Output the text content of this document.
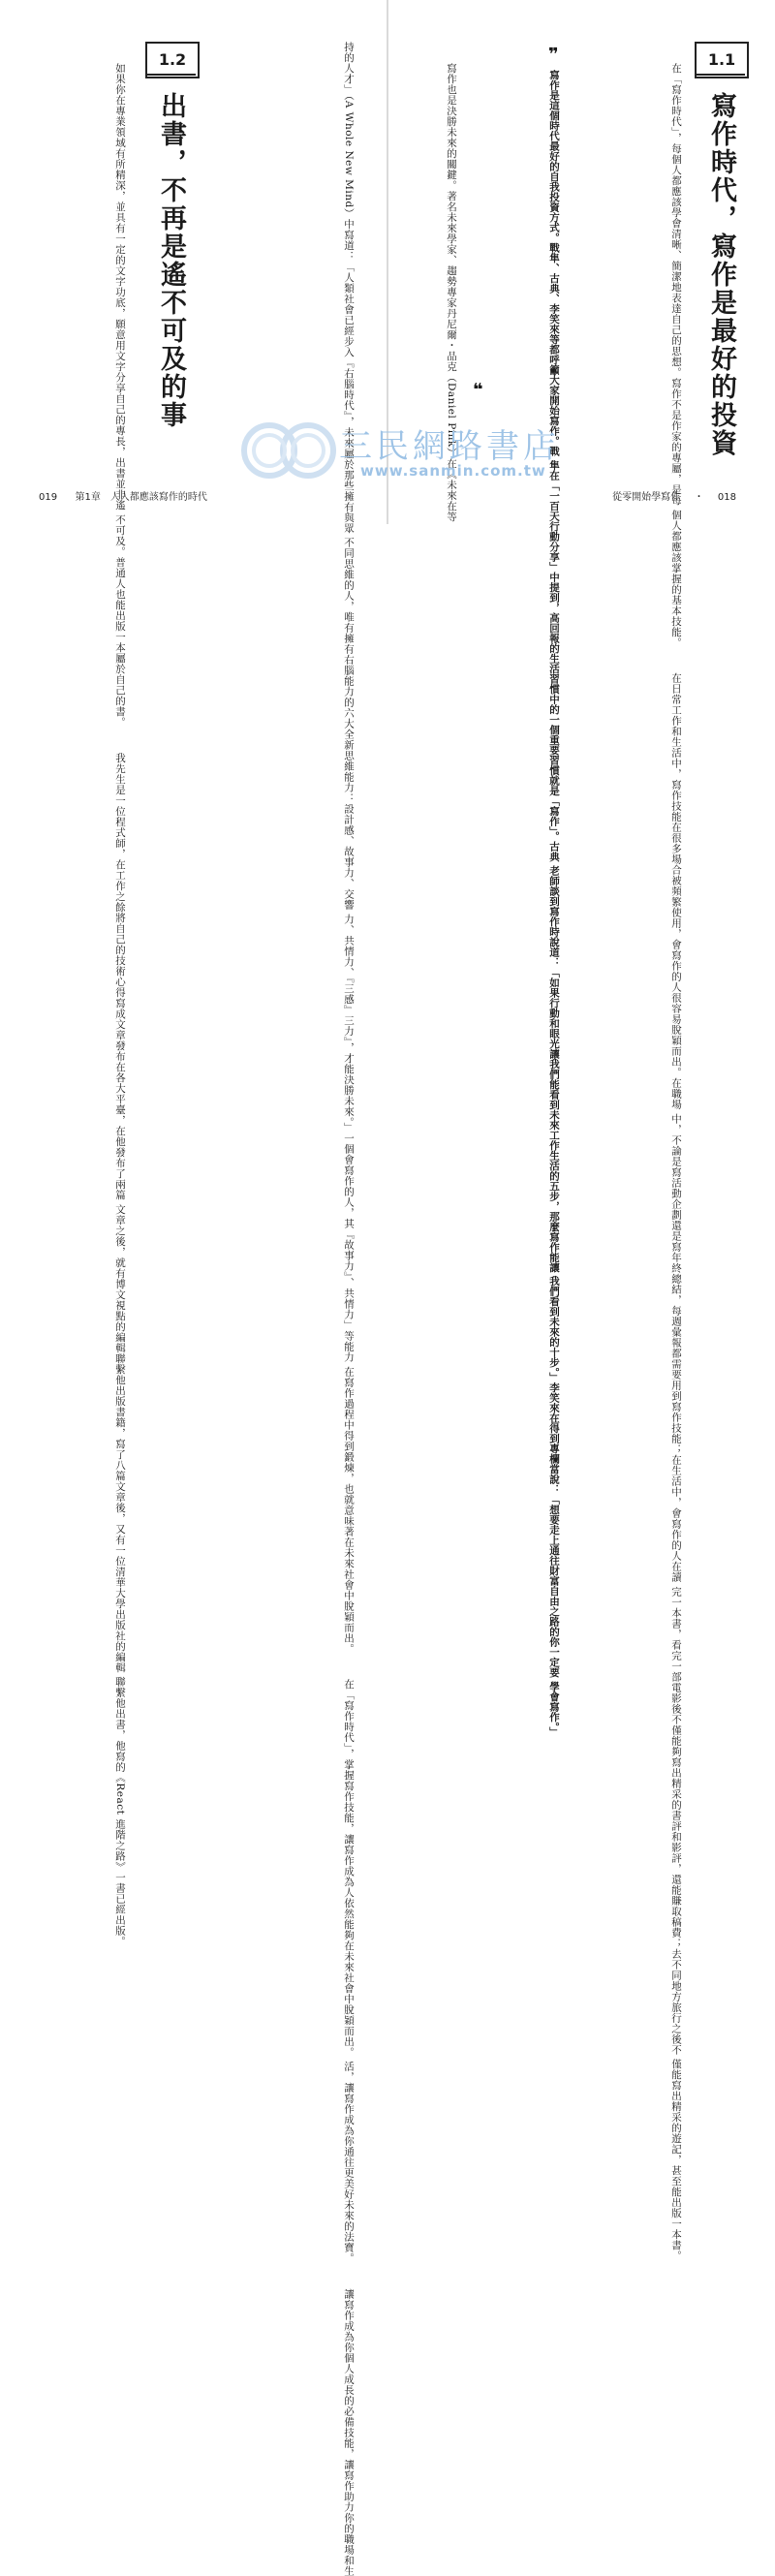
1.2
出書，不再是遙不可及的事	持的人才」（A Whole New Mind）中寫道：「人類社會已經步入『右腦時代』，未來屬於那些擁有與眾 不同思維的人，唯有擁有右腦能力的六大全新思維能力：設計感、故事力、交響 力、共情力、『三感』三力』，才能決勝未來。」一個會寫作的人，其『故事力』、共情力」等能力 在寫作過程中得到鍛煉，也就意味著在未來社會中脫穎而出。 　　在「寫作時代」，掌握寫作技能，讓寫作成為人依然能夠在未來社會中脫穎而出。 活，讓寫作成為你通往更美好未來的法寶。 　　讓寫作成為你個人成長的必備技能，讓寫作助力你的職場和生
　　如果你在專業領域有所精深，並具有一定的文字功底，願意用文字分享自己的專長，出書並非遙 不可及。普通人也能出版一本屬於自己的書。 　　我先生是一位程式師，在工作之餘將自己的技術心得寫成文章發布在各大平臺，在他發布了兩篇 文章之後，就有博文視點的編輯聯繫他出版書籍，寫了八篇文章後，又有一位清華大學出版社的編輯 聯繫他出書，他寫的《React 進階之路》一書已經出版。
019 第1章　人人都應該寫作的時代
1.1
寫作時代，寫作是最好的投資
　　在「寫作時代」，每個人都應該學會清晰、簡潔地表達自己的思想。寫作不是作家的專屬，是每 個人都應該掌握的基本技能。 　　在日常工作和生活中，寫作技能在很多場合被頻繁使用，會寫作的人很容易脫穎而出。在職場 中，不論是寫活動企劃還是寫年終總結，每週彙報都需要用到寫作技能；在生活中，會寫作的人在讀 完一本書，看完一部電影後不僅能夠寫出精采的書評和影評，還能賺取稿費；去不同地方旅行之後不 僅能寫出精采的遊記，甚至能出版一本書。
❞
寫作是這個時代最好的自我投資方式。戰隼、古典、李笑來等都呼籲大家開始寫作。戰 隼在「一百天行動分享」中提到，高回報的生活習慣中的一個重要習慣就是「寫作」。古典 老師談到寫作時說道：「如果行動和眼光讓我們能看到未來工作生活的五步，那麼寫作能讓 我們看到未來的十步。」李笑來在得到專欄當說：「想要走上通往財富自由之路的你一定要 學會寫作。」
❝
　　寫作也是決勝未來的關鍵。著名未來學家、趨勢專家丹尼爾・品克（Daniel Pink）在《未來在等	從零開始學寫作 ・ 018
三民網路書店
www.sanmin.com.tw
